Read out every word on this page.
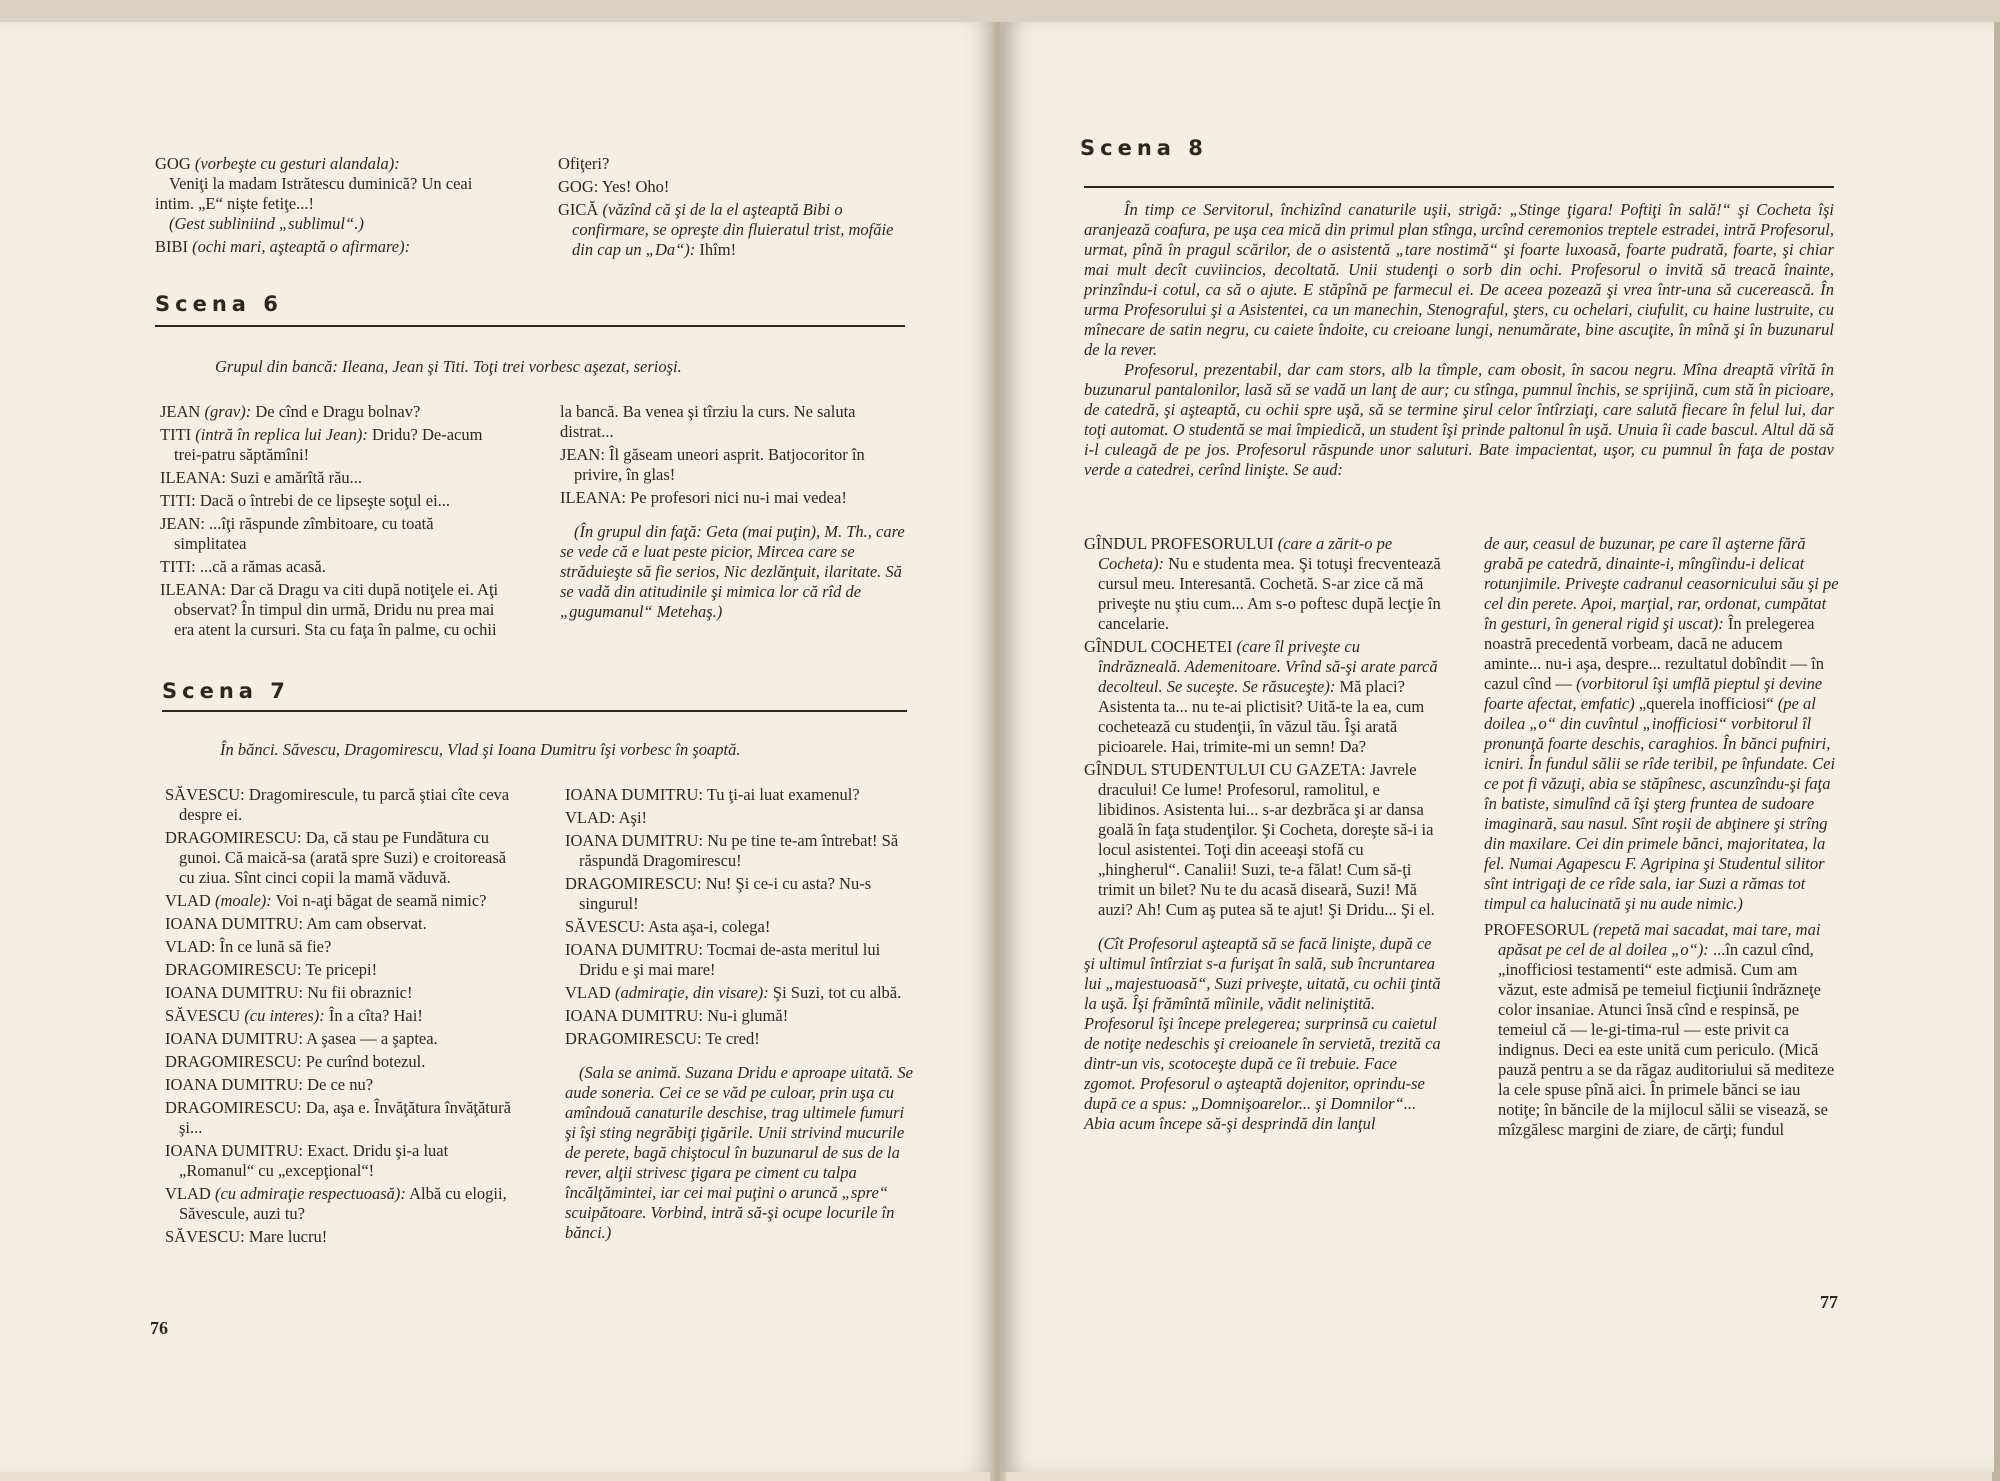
GOG (vorbeşte cu gesturi alandala):
Veniţi la madam Istrătescu duminică? Un ceai intim. „E“ nişte fetiţe...!
(Gest subliniind „sublimul“.)

BIBI (ochi mari, aşteaptă o afirmare):

Ofiţeri?

GOG: Yes! Oho!

GICĂ (văzînd că şi de la el aşteaptă Bibi o confirmare, se opreşte din fluieratul trist, mofăie din cap un „Da“): Ihîm!

Scena 6
Grupul din bancă: Ileana, Jean şi Titi. Toţi trei vorbesc aşezat, serioşi.

JEAN (grav): De cînd e Dragu bolnav?

TITI (intră în replica lui Jean): Dridu? De-acum trei-patru săptămîni!

ILEANA: Suzi e amărîtă rău...

TITI: Dacă o întrebi de ce lipseşte soţul ei...

JEAN: ...îţi răspunde zîmbitoare, cu toată simplitatea

TITI: ...că a rămas acasă.

ILEANA: Dar că Dragu va citi după notiţele ei. Aţi observat? În timpul din urmă, Dridu nu prea mai era atent la cursuri. Sta cu faţa în palme, cu ochii

la bancă. Ba venea şi tîrziu la curs. Ne saluta distrat...

JEAN: Îl găseam uneori asprit. Batjocoritor în privire, în glas!

ILEANA: Pe profesori nici nu-i mai vedea!

(În grupul din faţă: Geta (mai puţin), M. Th., care se vede că e luat peste picior, Mircea care se străduieşte să fie serios, Nic dezlănţuit, ilaritate. Să se vadă din atitudinile şi mimica lor că rîd de „gugumanul“ Metehaş.)

Scena 7
În bănci. Săvescu, Dragomirescu, Vlad şi Ioana Dumitru îşi vorbesc în şoaptă.

SĂVESCU: Dragomirescule, tu parcă ştiai cîte ceva despre ei.

DRAGOMIRESCU: Da, că stau pe Fundătura cu gunoi. Că maică-sa (arată spre Suzi) e croitoreasă cu ziua. Sînt cinci copii la mamă văduvă.

VLAD (moale): Voi n-aţi băgat de seamă nimic?

IOANA DUMITRU: Am cam observat.

VLAD: În ce lună să fie?

DRAGOMIRESCU: Te pricepi!

IOANA DUMITRU: Nu fii obraznic!

SĂVESCU (cu interes): În a cîta? Hai!

IOANA DUMITRU: A şasea — a şaptea.

DRAGOMIRESCU: Pe curînd botezul.

IOANA DUMITRU: De ce nu?

DRAGOMIRESCU: Da, aşa e. Învăţătura învăţătură şi...

IOANA DUMITRU: Exact. Dridu şi-a luat „Romanul“ cu „excepţional“!

VLAD (cu admiraţie respectuoasă): Albă cu elogii, Săvescule, auzi tu?

SĂVESCU: Mare lucru!

IOANA DUMITRU: Tu ţi-ai luat examenul?

VLAD: Aşi!

IOANA DUMITRU: Nu pe tine te-am întrebat! Să răspundă Dragomirescu!

DRAGOMIRESCU: Nu! Şi ce-i cu asta? Nu-s singurul!

SĂVESCU: Asta aşa-i, colega!

IOANA DUMITRU: Tocmai de-asta meritul lui Dridu e şi mai mare!

VLAD (admiraţie, din visare): Şi Suzi, tot cu albă.

IOANA DUMITRU: Nu-i glumă!

DRAGOMIRESCU: Te cred!

(Sala se animă. Suzana Dridu e aproape uitată. Se aude soneria. Cei ce se văd pe culoar, prin uşa cu amîndouă canaturile deschise, trag ultimele fumuri şi îşi sting negrăbiţi ţigările. Unii strivind mucurile de perete, bagă chiştocul în buzunarul de sus de la rever, alţii strivesc ţigara pe ciment cu talpa încălţămintei, iar cei mai puţini o aruncă „spre“ scuipătoare. Vorbind, intră să-şi ocupe locurile în bănci.)

76
Scena 8

În timp ce Servitorul, închizînd canaturile uşii, strigă: „Stinge ţigara! Poftiţi în sală!“ şi Cocheta îşi aranjează coafura, pe uşa cea mică din primul plan stînga, urcînd ceremonios treptele estradei, intră Profesorul, urmat, pînă în pragul scărilor, de o asistentă „tare nostimă“ şi foarte luxoasă, foarte pudrată, foarte, şi chiar mai mult decît cuviincios, decoltată. Unii studenţi o sorb din ochi. Profesorul o invită să treacă înainte, prinzîndu-i cotul, ca să o ajute. E stăpînă pe farmecul ei. De aceea pozează şi vrea într-una să cucerească. În urma Profesorului şi a Asistentei, ca un manechin, Stenograful, şters, cu ochelari, ciufulit, cu haine lustruite, cu mînecare de satin negru, cu caiete îndoite, cu creioane lungi, nenumărate, bine ascuţite, în mînă şi în buzunarul de la rever.

Profesorul, prezentabil, dar cam stors, alb la tîmple, cam obosit, în sacou negru. Mîna dreaptă vîrîtă în buzunarul pantalonilor, lasă să se vadă un lanţ de aur; cu stînga, pumnul închis, se sprijină, cum stă în picioare, de catedră, şi aşteaptă, cu ochii spre uşă, să se termine şirul celor întîrziaţi, care salută fiecare în felul lui, dar toţi automat. O studentă se mai împiedică, un student îşi prinde paltonul în uşă. Unuia îi cade bascul. Altul dă să i-l culeagă de pe jos. Profesorul răspunde unor saluturi. Bate impacientat, uşor, cu pumnul în faţa de postav verde a catedrei, cerînd linişte. Se aud:

GÎNDUL PROFESORULUI (care a zărit-o pe Cocheta): Nu e studenta mea. Şi totuşi frecventează cursul meu. Interesantă. Cochetă. S-ar zice că mă priveşte nu ştiu cum... Am s-o poftesc după lecţie în cancelarie.

GÎNDUL COCHETEI (care îl priveşte cu îndrăzneală. Ademenitoare. Vrînd să-şi arate parcă decolteul. Se suceşte. Se răsuceşte): Mă placi? Asistenta ta... nu te-ai plictisit? Uită-te la ea, cum cochetează cu studenţii, în văzul tău. Îşi arată picioarele. Hai, trimite-mi un semn! Da?

GÎNDUL STUDENTULUI CU GAZETA: Javrele dracului! Ce lume! Profesorul, ramolitul, e libidinos. Asistenta lui... s-ar dezbrăca şi ar dansa goală în faţa studenţilor. Şi Cocheta, doreşte să-i ia locul asistentei. Toţi din aceeaşi stofă cu „hingherul“. Canalii! Suzi, te-a fălat! Cum să-ţi trimit un bilet? Nu te du acasă diseară, Suzi! Mă auzi? Ah! Cum aş putea să te ajut! Şi Dridu... Şi el.

(Cît Profesorul aşteaptă să se facă linişte, după ce şi ultimul întîrziat s-a furişat în sală, sub încruntarea lui „majestuoasă“, Suzi priveşte, uitată, cu ochii ţintă la uşă. Îşi frămîntă mîinile, vădit neliniştită. Profesorul îşi începe prelegerea; surprinsă cu caietul de notiţe nedeschis şi creioanele în servietă, trezită ca dintr-un vis, scotoceşte după ce îi trebuie. Face zgomot. Profesorul o aşteaptă dojenitor, oprindu-se după ce a spus: „Domnişoarelor... şi Domnilor“... Abia acum începe să-şi desprindă din lanţul

de aur, ceasul de buzunar, pe care îl aşterne fără grabă pe catedră, dinainte-i, mîngîindu-i delicat rotunjimile. Priveşte cadranul ceasornicului său şi pe cel din perete. Apoi, marţial, rar, ordonat, cumpătat în gesturi, în general rigid şi uscat): În prelegerea noastră precedentă vorbeam, dacă ne aducem aminte... nu-i aşa, despre... rezultatul dobîndit — în cazul cînd — (vorbitorul îşi umflă pieptul şi devine foarte afectat, emfatic) „querela inofficiosi“ (pe al doilea „o“ din cuvîntul „inofficiosi“ vorbitorul îl pronunţă foarte deschis, caraghios. În bănci pufniri, icniri. În fundul sălii se rîde teribil, pe înfundate. Cei ce pot fi văzuţi, abia se stăpînesc, ascunzîndu-şi faţa în batiste, simulînd că îşi şterg fruntea de sudoare imaginară, sau nasul. Sînt roşii de abţinere şi strîng din maxilare. Cei din primele bănci, majoritatea, la fel. Numai Agapescu F. Agripina şi Studentul silitor sînt intrigaţi de ce rîde sala, iar Suzi a rămas tot timpul ca halucinată şi nu aude nimic.)

PROFESORUL (repetă mai sacadat, mai tare, mai apăsat pe cel de al doilea „o“): ...în cazul cînd, „inofficiosi testamenti“ este admisă. Cum am văzut, este admisă pe temeiul ficţiunii îndrăzneţe color insaniae. Atunci însă cînd e respinsă, pe temeiul că — le-gi-tima-rul — este privit ca indignus. Deci ea este unită cum periculo. (Mică pauză pentru a se da răgaz auditoriului să mediteze la cele spuse pînă aici. În primele bănci se iau notiţe; în băncile de la mijlocul sălii se visează, se mîzgălesc margini de ziare, de cărţi; fundul

77
